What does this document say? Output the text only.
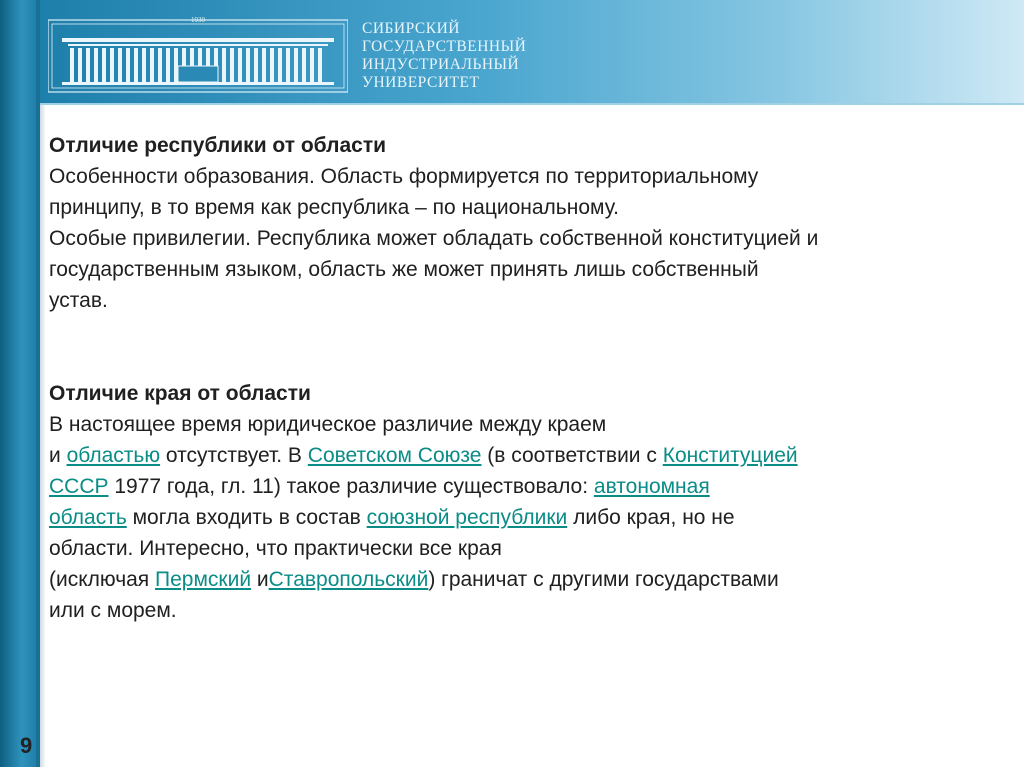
1930	СИБИРСКИЙ
ГОСУДАРСТВЕННЫЙ
ИНДУСТРИАЛЬНЫЙ
УНИВЕРСИТЕТ

Отличие республики от области

Особенности образования. Область формируется по территориальному

принципу, в то время как республика – по национальному.

Особые привилегии. Республика может обладать собственной конституцией и

государственным языком, область же может принять лишь собственный

устав.

Отличие края от области

В настоящее время юридическое различие между краем

и областью отсутствует. В Советском Союзе (в соответствии с Конституцией

СССР 1977 года, гл. 11) такое различие существовало: автономная

область могла входить в состав союзной республики либо края, но не

области. Интересно, что практически все края

(исключая Пермский иСтавропольский) граничат с другими государствами

или с морем.

9
